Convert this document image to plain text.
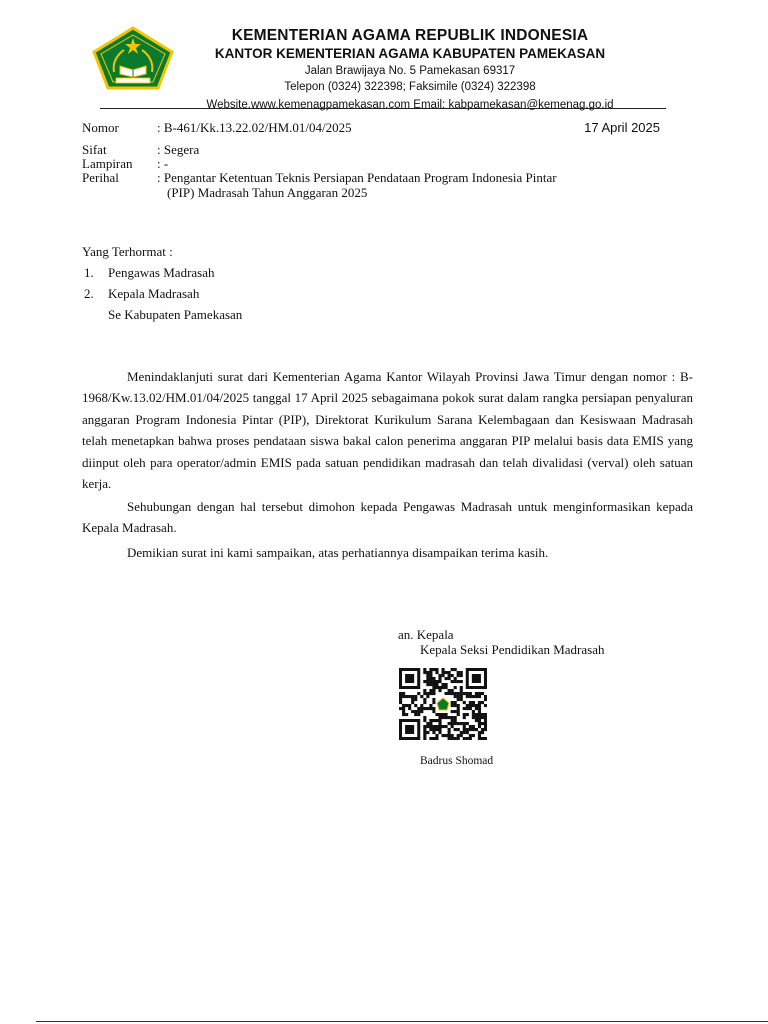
KEMENTERIAN AGAMA REPUBLIK INDONESIA
KANTOR KEMENTERIAN AGAMA KABUPATEN PAMEKASAN
Jalan Brawijaya No. 5 Pamekasan 69317
Telepon (0324) 322398; Faksimile (0324) 322398
Website.www.kemenagpamekasan.com Email: kabpamekasan@kemenag.go.id
Nomor	: B-461/Kk.13.22.02/HM.01/04/2025	17 April 2025
Sifat	: Segera
Lampiran	: -
Perihal	: Pengantar Ketentuan Teknis Persiapan Pendataan Program Indonesia Pintar
(PIP) Madrasah Tahun Anggaran 2025
Yang Terhormat :
1. Pengawas Madrasah
2. Kepala Madrasah
Se Kabupaten Pamekasan

Menindaklanjuti surat dari Kementerian Agama Kantor Wilayah Provinsi Jawa Timur dengan nomor : B-1968/Kw.13.02/HM.01/04/2025 tanggal 17 April 2025 sebagaimana pokok surat dalam rangka persiapan penyaluran anggaran Program Indonesia Pintar (PIP), Direktorat Kurikulum Sarana Kelembagaan dan Kesiswaan Madrasah telah menetapkan bahwa proses pendataan siswa bakal calon penerima anggaran PIP melalui basis data EMIS yang diinput oleh para operator/admin EMIS pada satuan pendidikan madrasah dan telah divalidasi (verval) oleh satuan kerja.

Sehubungan dengan hal tersebut dimohon kepada Pengawas Madrasah untuk menginformasikan kepada Kepala Madrasah.

Demikian surat ini kami sampaikan, atas perhatiannya disampaikan terima kasih.

an. Kepala
Kepala Seksi Pendidikan Madrasah
Badrus Shomad
